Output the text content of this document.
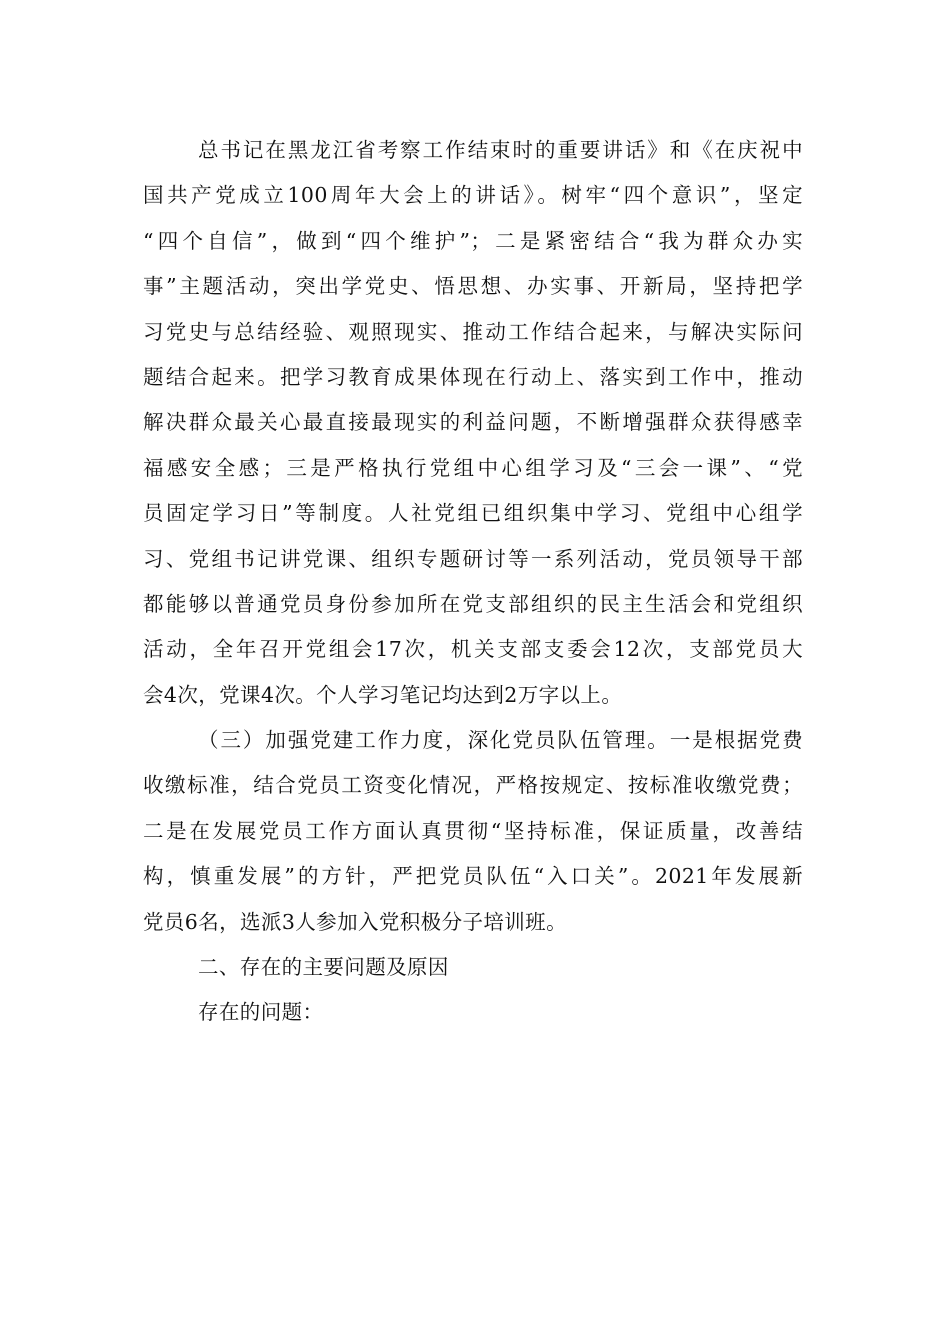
总书记在黑龙江省考察工作结束时的重要讲话》和《在庆祝中
国共产党成立100周年大会上的讲话》。树牢“四个意识”，坚定
“四个自信”，做到“四个维护”；二是紧密结合“我为群众办实
事”主题活动，突出学党史、悟思想、办实事、开新局，坚持把学
习党史与总结经验、观照现实、推动工作结合起来，与解决实际问
题结合起来。把学习教育成果体现在行动上、落实到工作中，推动
解决群众最关心最直接最现实的利益问题，不断增强群众获得感幸
福感安全感；三是严格执行党组中心组学习及“三会一课”、“党
员固定学习日”等制度。人社党组已组织集中学习、党组中心组学
习、党组书记讲党课、组织专题研讨等一系列活动，党员领导干部
都能够以普通党员身份参加所在党支部组织的民主生活会和党组织
活动，全年召开党组会17次，机关支部支委会12次，支部党员大
会4次，党课4次。个人学习笔记均达到2万字以上。
（三）加强党建工作力度，深化党员队伍管理。一是根据党费
收缴标准，结合党员工资变化情况，严格按规定、按标准收缴党费；
二是在发展党员工作方面认真贯彻“坚持标准，保证质量，改善结
构，慎重发展”的方针，严把党员队伍“入口关”。2021年发展新
党员6名，选派3人参加入党积极分子培训班。
二、存在的主要问题及原因
存在的问题：
